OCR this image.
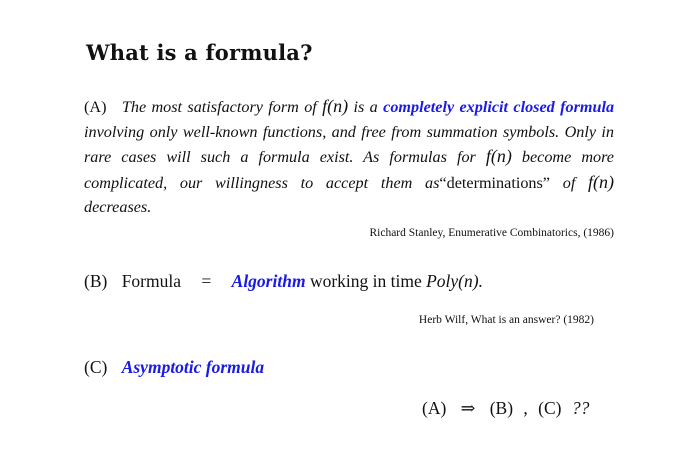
What is a formula?
(A) The most satisfactory form of f(n) is a completely explicit closed formula involving only well-known functions, and free from summation symbols. Only in rare cases will such a formula exist. As formulas for f(n) become more complicated, our willingness to accept them as“determinations” of f(n) decreases.
Richard Stanley, Enumerative Combinatorics, (1986)
(B) Formula = Algorithm working in time Poly(n).
Herb Wilf, What is an answer? (1982)
(C) Asymptotic formula
(A) ⇒ (B) , (C) ??
